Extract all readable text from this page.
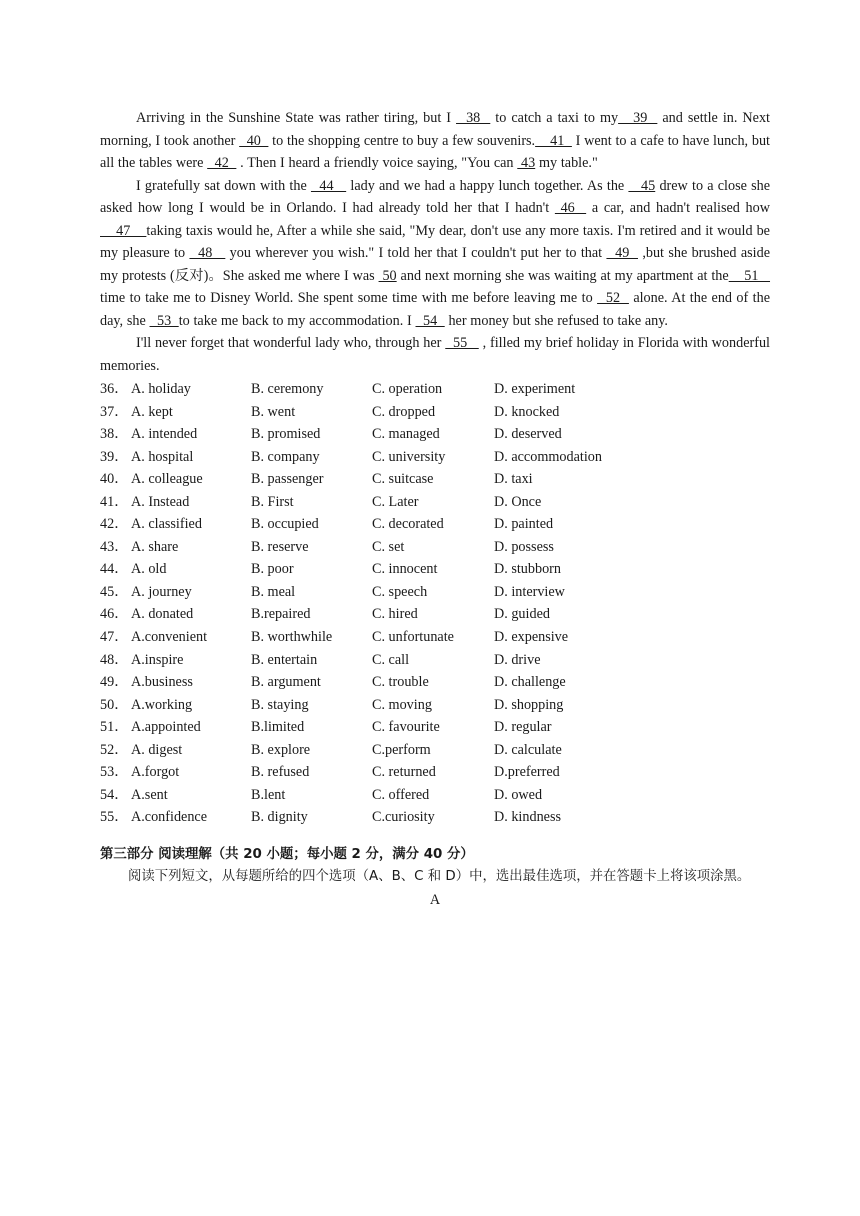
Arriving in the Sunshine State was rather tiring, but I   38   to catch a taxi to my   39   and settle in. Next morning, I took another   40   to the shopping centre to buy a few souvenirs.    41   I went to a cafe to have lunch, but all the tables were   42   . Then I heard a friendly voice saying, "You can  43 my table."

I gratefully sat down with the   44    lady and we had a happy lunch together. As the    45 drew to a close she asked how long I would be in Orlando. I had already told her that I hadn't  46   a car, and hadn't realised how    47    taking taxis would he, After a while she said, "My dear, don't use any more taxis. I'm retired and it would be my pleasure to   48    you wherever you wish." I told her that I couldn't put her to that   49   ,but she brushed aside my protests (反对)。She asked me where I was  50 and next morning she was waiting at my apartment at the    51    time to take me to Disney World. She spent some time with me before leaving me to   52   alone. At the end of the day, she   53  to take me back to my accommodation. I   54   her money but she refused to take any.

I'll never forget that wonderful lady who, through her   55    , filled my brief holiday in Florida with wonderful memories.

36． A. holiday	B. ceremony	C. operation	D. experiment
37． A. kept	B. went	C. dropped	D. knocked
38． A. intended	B. promised	C. managed	D. deserved
39． A. hospital	B. company	C. university	D. accommodation
40． A. colleague	B. passenger	C. suitcase	D. taxi
41． A. Instead	B. First	C. Later	D. Once
42． A. classified	B. occupied	C. decorated	D. painted
43． A. share	B. reserve	C. set	D. possess
44． A. old	B. poor	C. innocent	D. stubborn
45． A. journey	B. meal	C. speech	D. interview
46． A. donated	B.repaired	C. hired	D. guided
47． A.convenient	B. worthwhile	C. unfortunate	D. expensive
48． A.inspire	B. entertain	C. call	D. drive
49． A.business	B. argument	C. trouble	D. challenge
50． A.working	B. staying	C. moving	D. shopping
51． A.appointed	B.limited	C. favourite	D. regular
52． A. digest	B. explore	C.perform	D. calculate
53． A.forgot	B. refused	C. returned	D.preferred
54． A.sent	B.lent	C. offered	D. owed
55． A.confidence	B. dignity	C.curiosity	D. kindness
第三部分 阅读理解（共 20 小题；每小题 2 分，满分 40 分）

阅读下列短文，从每题所给的四个选项（A、B、C 和 D）中，选出最佳选项，并在答题卡上将该项涂黑。

A
